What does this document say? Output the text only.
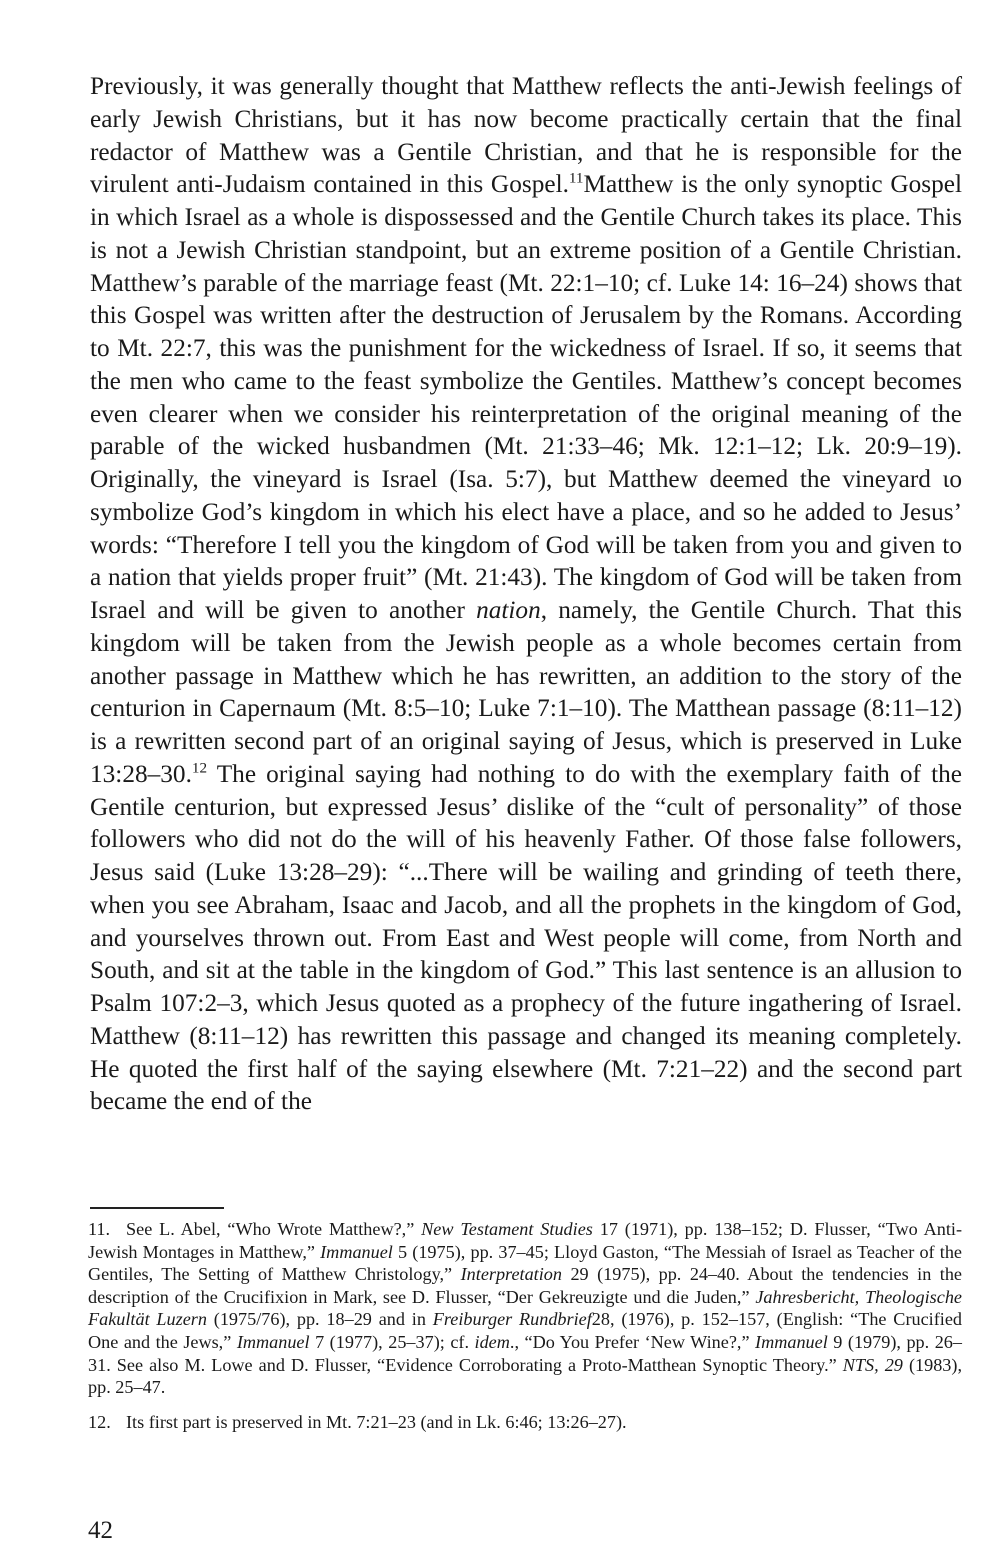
Previously, it was generally thought that Matthew reflects the anti-Jewish feelings of early Jewish Christians, but it has now become practically certain that the final redactor of Matthew was a Gentile Christian, and that he is responsible for the virulent anti-Judaism contained in this Gospel.$^{11}$Matthew is the only synoptic Gospel in which Israel as a whole is dispossessed and the Gentile Church takes its place. This is not a Jewish Christian standpoint, but an extreme position of a Gentile Christian. Matthew’s parable of the marriage feast (Mt. 22:1–10; cf. Luke 14: 16–24) shows that this Gospel was written after the destruction of Jerusalem by the Romans. According to Mt. 22:7, this was the punishment for the wickedness of Israel. If so, it seems that the men who came to the feast symbolize the Gentiles. Matthew’s concept becomes even clearer when we consider his reinterpretation of the original meaning of the parable of the wicked husbandmen (Mt. 21:33–46; Mk. 12:1–12; Lk. 20:9–19). Originally, the vineyard is Israel (Isa. 5:7), but Matthew deemed the vineyard ιo symbolize God’s kingdom in which his elect have a place, and so he added to Jesus’ words: “Therefore I tell you the kingdom of God will be taken from you and given to a nation that yields proper fruit” (Mt. 21:43). The kingdom of God will be taken from Israel and will be given to another nation, namely, the Gentile Church. That this kingdom will be taken from the Jewish people as a whole becomes certain from another passage in Matthew which he has rewritten, an addition to the story of the centurion in Capernaum (Mt. 8:5–10; Luke 7:1–10). The Matthean passage (8:11–12) is a rewritten second part of an original saying of Jesus, which is preserved in Luke 13:28–30.12 The original saying had nothing to do with the exemplary faith of the Gentile centurion, but expressed Jesus’ dislike of the “cult of personality” of those followers who did not do the will of his heavenly Father. Of those false followers, Jesus said (Luke 13:28–29): “...There will be wailing and grinding of teeth there, when you see Abraham, Isaac and Jacob, and all the prophets in the kingdom of God, and yourselves thrown out. From East and West people will come, from North and South, and sit at the table in the kingdom of God.” This last sentence is an allusion to Psalm 107:2–3, which Jesus quoted as a prophecy of the future ingathering of Israel. Matthew (8:11–12) has rewritten this passage and changed its meaning completely. He quoted the first half of the saying elsewhere (Mt. 7:21–22) and the second part became the end of the

11. See L. Abel, “Who Wrote Matthew?,” New Testament Studies 17 (1971), pp. 138–152; D. Flusser, “Two Anti-Jewish Montages in Matthew,” Immanuel 5 (1975), pp. 37–45; Lloyd Gaston, “The Messiah of Israel as Teacher of the Gentiles, The Setting of Matthew Christology,” Interpretation 29 (1975), pp. 24–40. About the tendencies in the description of the Crucifixion in Mark, see D. Flusser, “Der Gekreuzigte und die Juden,” Jahresbericht, Theologische Fakultät Luzern (1975/76), pp. 18–29 and in Freiburger Rundbrief28, (1976), p. 152–157, (English: “The Crucified One and the Jews,” Immanuel 7 (1977), 25–37); cf. idem., “Do You Prefer ‘New Wine?,” Immanuel 9 (1979), pp. 26–31. See also M. Lowe and D. Flusser, “Evidence Corroborating a Proto-Matthean Synoptic Theory.” NTS, 29 (1983), pp. 25–47.

12. Its first part is preserved in Mt. 7:21–23 (and in Lk. 6:46; 13:26–27).

42
